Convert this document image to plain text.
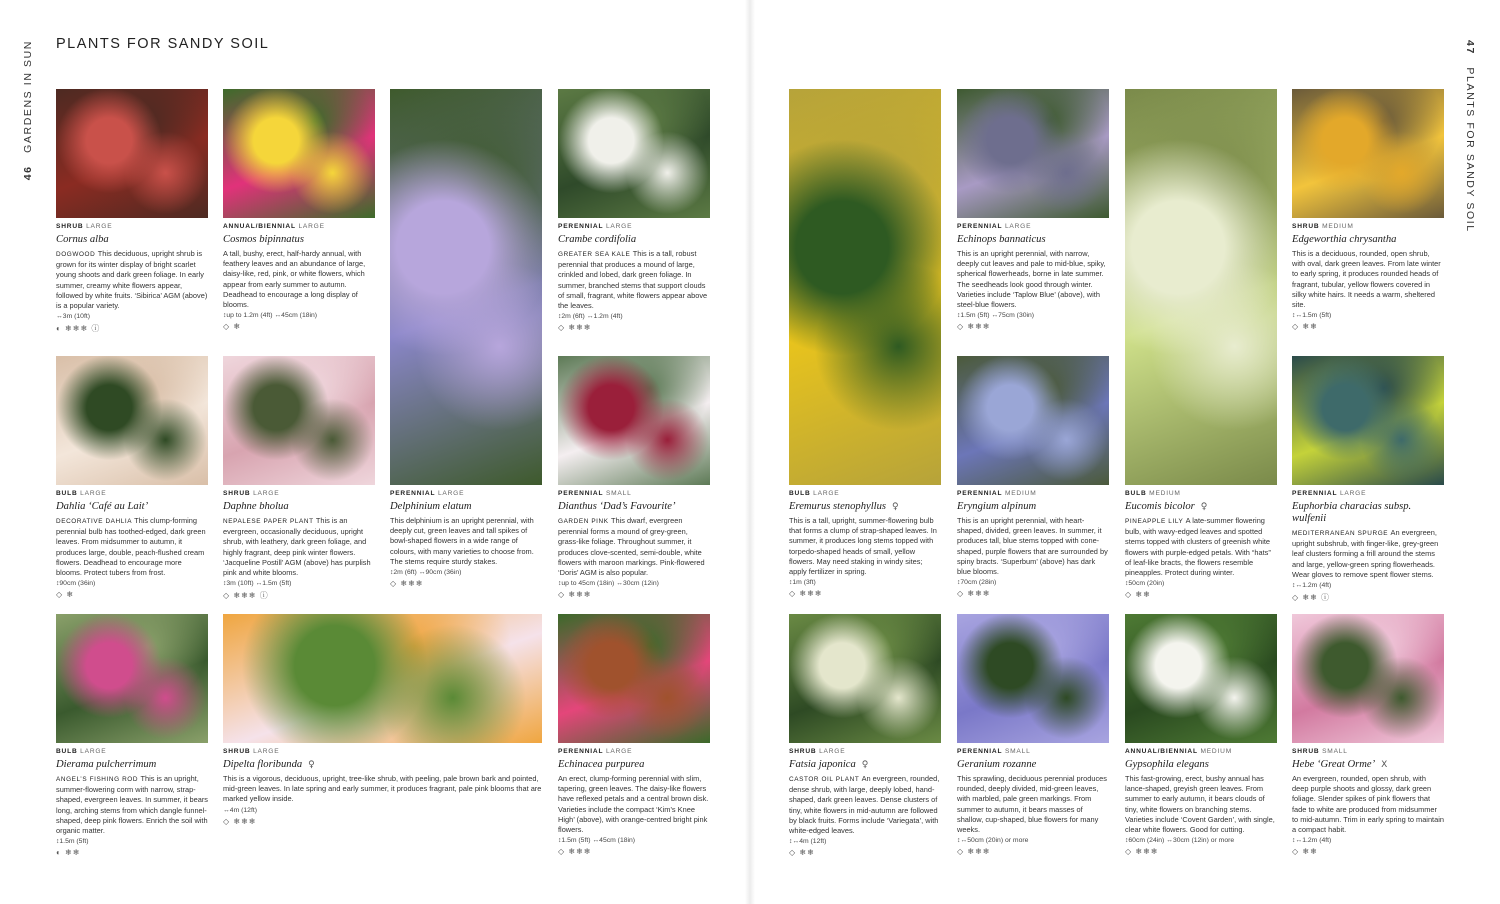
46 GARDENS IN SUN PLANTS FOR SANDY SOIL	47 PLANTS FOR SANDY SOIL
SHRUB LARGE
Cornus alba
DOGWOOD This deciduous, upright shrub is grown for its winter display of bright scarlet young shoots and dark green foliage. In early summer, creamy white flowers appear, followed by white fruits. ‘Sibirica’ AGM (above) is a popular variety.
↔3m (10ft)
◐ ❄❄❄ ⓘ
ANNUAL/BIENNIAL LARGE
Cosmos bipinnatus
A tall, bushy, erect, half-hardy annual, with feathery leaves and an abundance of large, daisy-like, red, pink, or white flowers, which appear from early summer to autumn. Deadhead to encourage a long display of blooms.
↕up to 1.2m (4ft) ↔45cm (18in)
◇ ❄
PERENNIAL LARGE
Delphinium elatum
This delphinium is an upright perennial, with deeply cut, green leaves and tall spikes of bowl-shaped flowers in a wide range of colours, with many varieties to choose from. The stems require sturdy stakes.
↕2m (6ft) ↔90cm (36in)
◇ ❄❄❄
PERENNIAL LARGE
Crambe cordifolia
GREATER SEA KALE This is a tall, robust perennial that produces a mound of large, crinkled and lobed, dark green foliage. In summer, branched stems that support clouds of small, fragrant, white flowers appear above the leaves.
↕2m (6ft) ↔1.2m (4ft)
◇ ❄❄❄
BULB LARGE
Dahlia ‘Café au Lait’
DECORATIVE DAHLIA This clump-forming perennial bulb has toothed-edged, dark green leaves. From midsummer to autumn, it produces large, double, peach-flushed cream flowers. Deadhead to encourage more blooms. Protect tubers from frost.
↕90cm (36in)
◇ ❄
SHRUB LARGE
Daphne bholua
NEPALESE PAPER PLANT This is an evergreen, occasionally deciduous, upright shrub, with leathery, dark green foliage, and highly fragrant, deep pink winter flowers. ‘Jacqueline Postill’ AGM (above) has purplish pink and white blooms.
↕3m (10ft) ↔1.5m (5ft)
◇ ❄❄❄ ⓘ
PERENNIAL SMALL
Dianthus ‘Dad’s Favourite’
GARDEN PINK This dwarf, evergreen perennial forms a mound of grey-green, grass-like foliage. Throughout summer, it produces clove-scented, semi-double, white flowers with maroon markings. Pink-flowered ‘Doris’ AGM is also popular.
↕up to 45cm (18in) ↔30cm (12in)
◇ ❄❄❄
BULB LARGE
Dierama pulcherrimum
ANGEL’S FISHING ROD This is an upright, summer-flowering corm with narrow, strap-shaped, evergreen leaves. In summer, it bears long, arching stems from which dangle funnel-shaped, deep pink flowers. Enrich the soil with organic matter.
↕1.5m (5ft)
◐ ❄❄
SHRUB LARGE
Dipelta floribunda ♀
This is a vigorous, deciduous, upright, tree-like shrub, with peeling, pale brown bark and pointed, mid-green leaves. In late spring and early summer, it produces fragrant, pale pink blooms that are marked yellow inside.
↔4m (12ft)
◇ ❄❄❄
PERENNIAL LARGE
Echinacea purpurea
An erect, clump-forming perennial with slim, tapering, green leaves. The daisy-like flowers have reflexed petals and a central brown disk. Varieties include the compact ‘Kim’s Knee High’ (above), with orange-centred bright pink flowers.
↕1.5m (5ft) ↔45cm (18in)
◇ ❄❄❄
BULB LARGE
Eremurus stenophyllus ♀
This is a tall, upright, summer-flowering bulb that forms a clump of strap-shaped leaves. In summer, it produces long stems topped with torpedo-shaped heads of small, yellow flowers. May need staking in windy sites; apply fertilizer in spring.
↕1m (3ft)
◇ ❄❄❄
PERENNIAL LARGE
Echinops bannaticus
This is an upright perennial, with narrow, deeply cut leaves and pale to mid-blue, spiky, spherical flowerheads, borne in late summer. The seedheads look good through winter. Varieties include ‘Taplow Blue’ (above), with steel-blue flowers.
↕1.5m (5ft) ↔75cm (30in)
◇ ❄❄❄
PERENNIAL MEDIUM
Eryngium alpinum
This is an upright perennial, with heart-shaped, divided, green leaves. In summer, it produces tall, blue stems topped with cone-shaped, purple flowers that are surrounded by spiny bracts. ‘Superbum’ (above) has dark blue blooms.
↕70cm (28in)
◇ ❄❄❄
BULB MEDIUM
Eucomis bicolor ♀
PINEAPPLE LILY A late-summer flowering bulb, with wavy-edged leaves and spotted stems topped with clusters of greenish white flowers with purple-edged petals. With “hats” of leaf-like bracts, the flowers resemble pineapples. Protect during winter.
↕50cm (20in)
◇ ❄❄
SHRUB MEDIUM
Edgeworthia chrysantha
This is a deciduous, rounded, open shrub, with oval, dark green leaves. From late winter to early spring, it produces rounded heads of fragrant, tubular, yellow flowers covered in silky white hairs. It needs a warm, sheltered site.
↕↔1.5m (5ft)
◇ ❄❄
PERENNIAL LARGE
Euphorbia characias subsp. wulfenii
MEDITERRANEAN SPURGE An evergreen, upright subshrub, with finger-like, grey-green leaf clusters forming a frill around the stems and large, yellow-green spring flowerheads. Wear gloves to remove spent flower stems.
↕↔1.2m (4ft)
◇ ❄❄ ⓘ
SHRUB LARGE
Fatsia japonica ♀
CASTOR OIL PLANT An evergreen, rounded, dense shrub, with large, deeply lobed, hand-shaped, dark green leaves. Dense clusters of tiny, white flowers in mid-autumn are followed by black fruits. Forms include ‘Variegata’, with white-edged leaves.
↕↔4m (12ft)
◇ ❄❄
PERENNIAL SMALL
Geranium rozanne
This sprawling, deciduous perennial produces rounded, deeply divided, mid-green leaves, with marbled, pale green markings. From summer to autumn, it bears masses of shallow, cup-shaped, blue flowers for many weeks.
↕↔50cm (20in) or more
◇ ❄❄❄
ANNUAL/BIENNIAL MEDIUM
Gypsophila elegans
This fast-growing, erect, bushy annual has lance-shaped, greyish green leaves. From summer to early autumn, it bears clouds of tiny, white flowers on branching stems. Varieties include ‘Covent Garden’, with single, clear white flowers. Good for cutting.
↕60cm (24in) ↔30cm (12in) or more
◇ ❄❄❄
SHRUB SMALL
Hebe ‘Great Orme’ X
An evergreen, rounded, open shrub, with deep purple shoots and glossy, dark green foliage. Slender spikes of pink flowers that fade to white are produced from midsummer to mid-autumn. Trim in early spring to maintain a compact habit.
↕↔1.2m (4ft)
◇ ❄❄
